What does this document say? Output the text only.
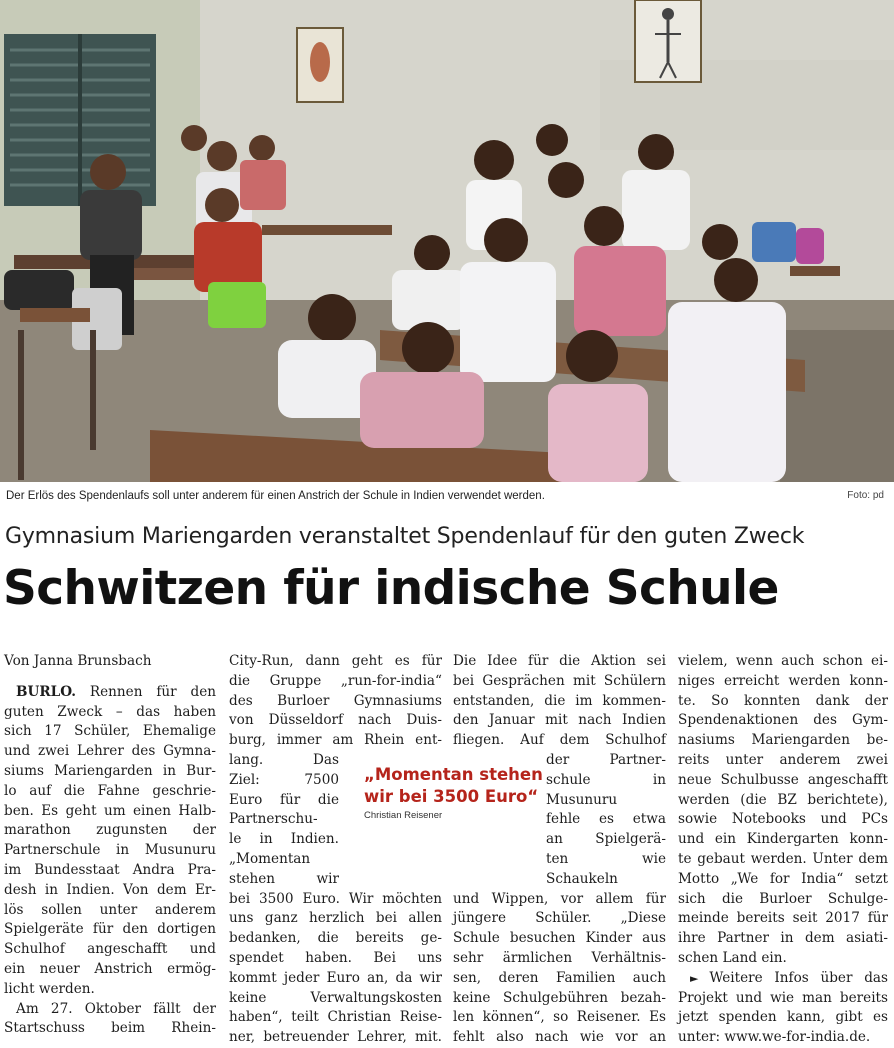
Der Erlös des Spendenlaufs soll unter anderem für einen Anstrich der Schule in Indien verwendet werden.	Foto: pd
Gymnasium Mariengarden veranstaltet Spendenlauf für den guten Zweck
Schwitzen für indische Schule
Von Janna Brunsbach
BURLO. Rennen für den
guten Zweck – das haben
sich 17 Schüler, Ehemalige
und zwei Lehrer des Gymna-
siums Mariengarden in Bur-
lo auf die Fahne geschrie-
ben. Es geht um einen Halb-
marathon zugunsten der
Partnerschule in Musunuru
im Bundesstaat Andra Pra-
desh in Indien. Von dem Er-
lös sollen unter anderem
Spielgeräte für den dortigen
Schulhof angeschafft und
ein neuer Anstrich ermög-
licht werden.
Am 27. Oktober fällt der
Startschuss beim Rhein-
City-Run, dann geht es für
die Gruppe „run-for-india“
des Burloer Gymnasiums
von Düsseldorf nach Duis-
burg, immer am Rhein ent-
lang. Das
Ziel: 7500
Euro für die
Partnerschu-
le in Indien.
„Momentan
stehen wir
bei 3500 Euro. Wir möchten
uns ganz herzlich bei allen
bedanken, die bereits ge-
spendet haben. Bei uns
kommt jeder Euro an, da wir
keine Verwaltungskosten
haben“, teilt Christian Reise-
ner, betreuender Lehrer, mit.
Die Idee für die Aktion sei
bei Gesprächen mit Schülern
entstanden, die im kommen-
den Januar mit nach Indien
fliegen. Auf dem Schulhof
der Partner-
schule in
Musunuru
fehle es etwa
an Spielgerä-
ten wie
Schaukeln
und Wippen, vor allem für
jüngere Schüler. „Diese
Schule besuchen Kinder aus
sehr ärmlichen Verhältnis-
sen, deren Familien auch
keine Schulgebühren bezah-
len können“, so Reisener. Es
fehlt also nach wie vor an
vielem, wenn auch schon ei-
niges erreicht werden konn-
te. So konnten dank der
Spendenaktionen des Gym-
nasiums Mariengarden be-
reits unter anderem zwei
neue Schulbusse angeschafft
werden (die BZ berichtete),
sowie Notebooks und PCs
und ein Kindergarten konn-
te gebaut werden. Unter dem
Motto „We for India“ setzt
sich die Burloer Schulge-
meinde bereits seit 2017 für
ihre Partner in dem asiati-
schen Land ein.
► Weitere Infos über das
Projekt und wie man bereits
jetzt spenden kann, gibt es
unter: www.we-for-india.de.
„Momentan stehen
wir bei 3500 Euro“
Christian Reisener
